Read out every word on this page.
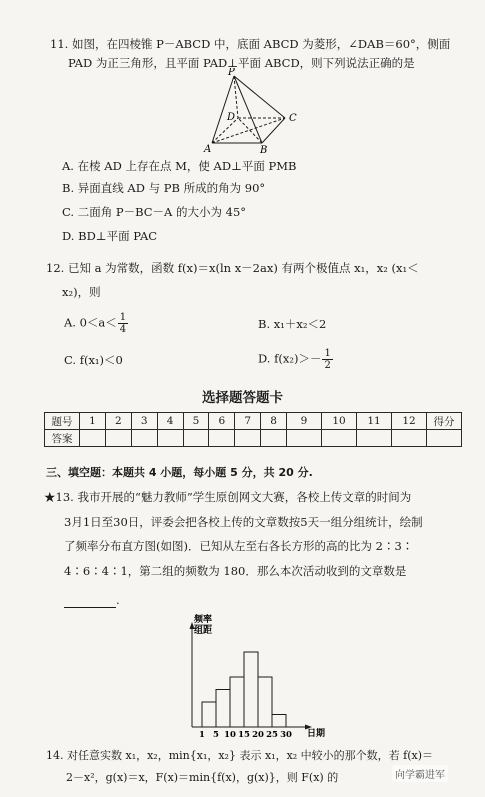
11. 如图，在四棱锥 P－ABCD 中，底面 ABCD 为菱形，∠DAB＝60°，侧面
PAD 为正三角形，且平面 PAD⊥平面 ABCD，则下列说法正确的是
P
D	C
A	B
A. 在棱 AD 上存在点 M，使 AD⊥平面 PMB
B. 异面直线 AD 与 PB 所成的角为 90°
C. 二面角 P－BC－A 的大小为 45°
D. BD⊥平面 PAC
12. 已知 a 为常数，函数 f(x)＝x(ln x－2ax) 有两个极值点 x₁，x₂ (x₁＜
x₂)，则
A. $0<a< \frac{1}{4}$	B. x₁＋x₂＜2
C. f(x₁)＜0	D. $f(x_2)>- \frac{1}{2}$
选择题答题卡
题号	1	2	3	4	5	6	7	8	9	10	11	12	得分
答案													
三、填空题：本题共 4 小题，每小题 5 分，共 20 分.
★13. 我市开展的“魅力教师”学生原创网文大赛，各校上传文章的时间为
3月1日至30日，评委会把各校上传的文章数按5天一组分组统计，绘制
了频率分布直方图(如图)．已知从左至右各长方形的高的比为 2∶3∶
4∶6∶4∶1，第二组的频数为 180．那么本次活动收到的文章数是
.
频率
组距
日期
1 5 10 15 20 25 30
14. 对任意实数 x₁，x₂，min{x₁，x₂} 表示 x₁，x₂ 中较小的那个数，若 f(x)＝
2－x²，g(x)＝x，F(x)＝min{f(x)，g(x)}，则 F(x) 的	向学霸进军
